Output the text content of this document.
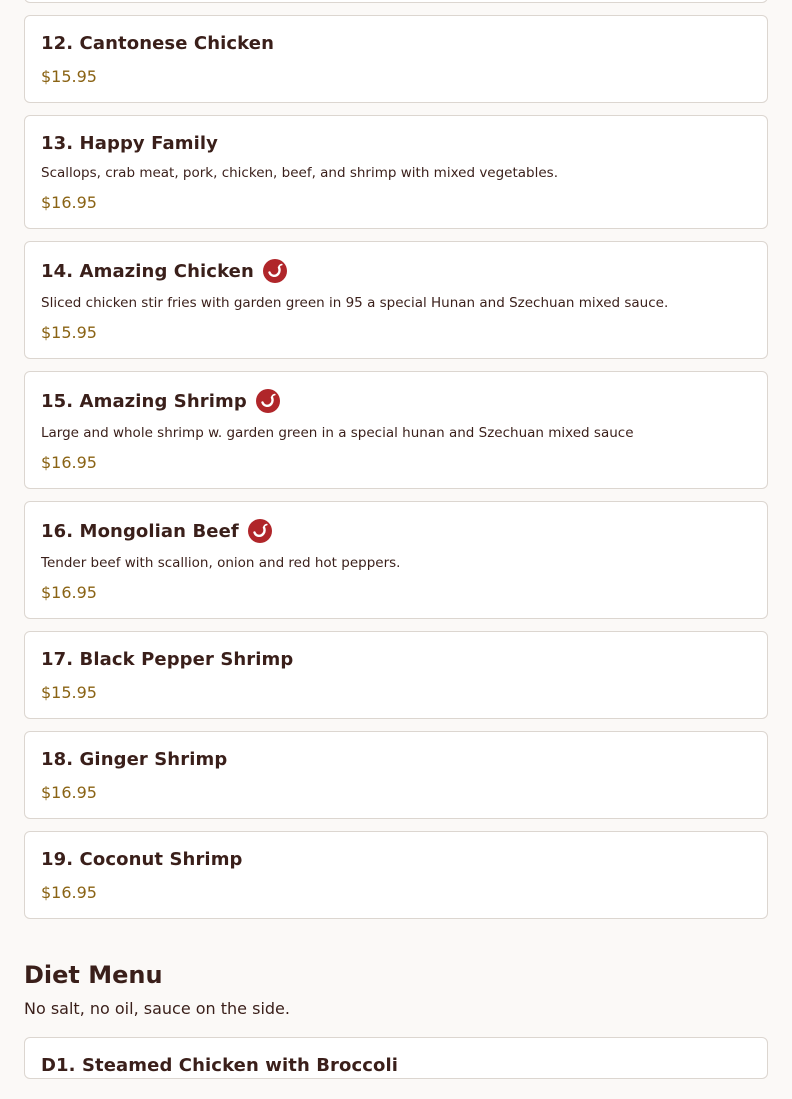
12. Cantonese Chicken
$15.95
13. Happy Family
Scallops, crab meat, pork, chicken, beef, and shrimp with mixed vegetables.
$16.95
14. Amazing Chicken
Sliced chicken stir fries with garden green in 95 a special Hunan and Szechuan mixed sauce.
$15.95
15. Amazing Shrimp
Large and whole shrimp w. garden green in a special hunan and Szechuan mixed sauce
$16.95
16. Mongolian Beef
Tender beef with scallion, onion and red hot peppers.
$16.95
17. Black Pepper Shrimp
$15.95
18. Ginger Shrimp
$16.95
19. Coconut Shrimp
$16.95
Diet Menu
No salt, no oil, sauce on the side.
D1. Steamed Chicken with Broccoli
